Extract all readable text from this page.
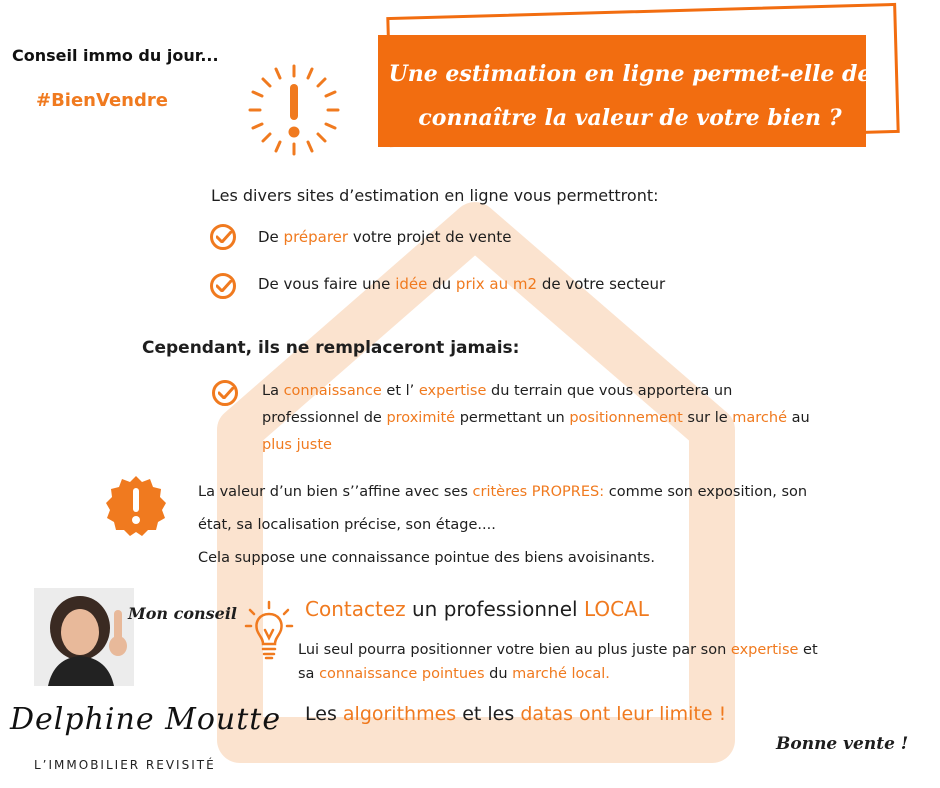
Conseil immo du jour...
#BienVendre
Une estimation en ligne permet-elle de
connaître la valeur de votre bien ?
Les divers sites d’estimation en ligne vous permettront:
De préparer votre projet de vente
De vous faire une idée du prix au m2 de votre secteur
Cependant, ils ne remplaceront jamais:
La connaissance et l’ expertise du terrain que vous apportera un
professionnel de proximité permettant un positionnement sur le marché au
plus juste
La valeur d’un bien s’’affine avec ses critères PROPRES: comme son exposition, son
état, sa localisation précise, son étage....
Cela suppose une connaissance pointue des biens avoisinants.
Mon conseil	Contactez un professionnel LOCAL
Lui seul pourra positionner votre bien au plus juste par son expertise et
sa connaissance pointues du marché local.
Les algorithmes et les datas ont leur limite !
Delphine Moutte
L’IMMOBILIER REVISITÉ
Bonne vente !
